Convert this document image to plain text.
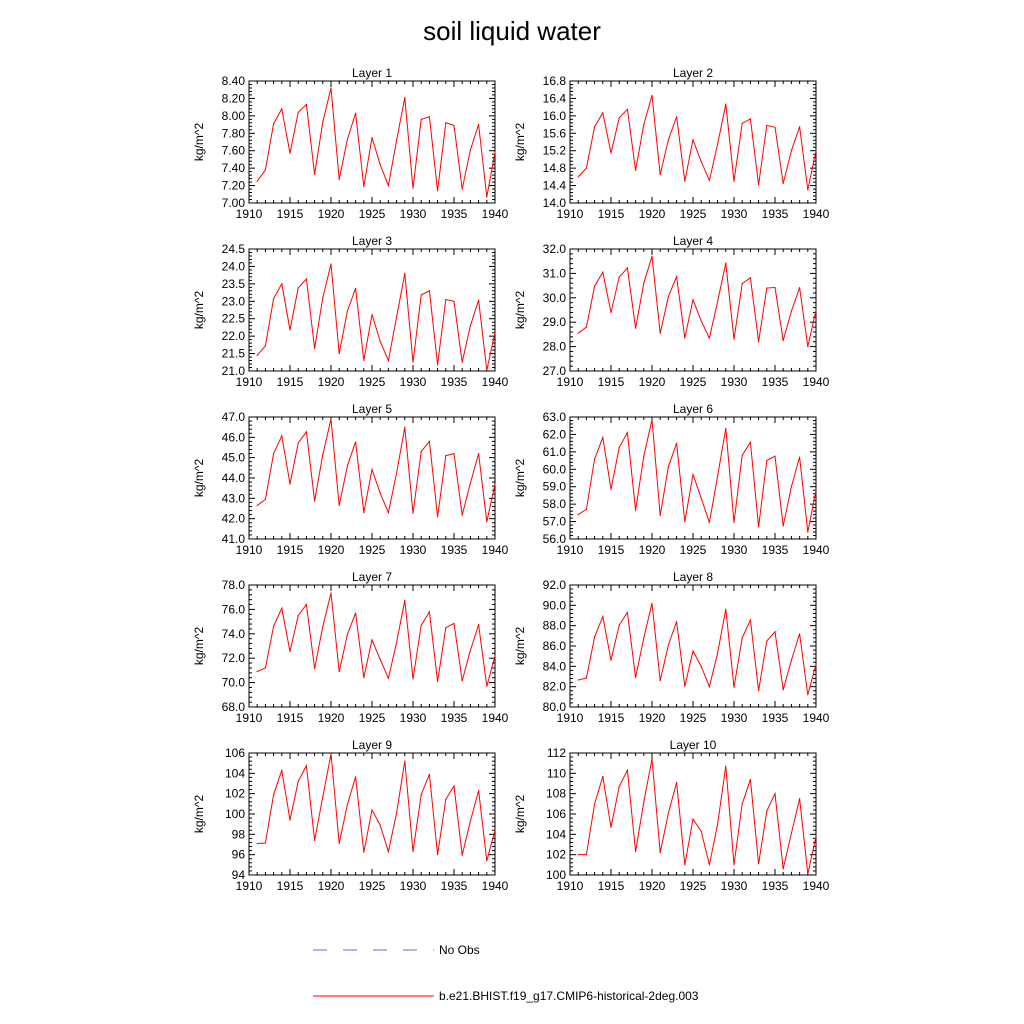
soil liquid water
Layer 1
kg/m^2
1910 1915 1920 1925 1930 1935 1940
7.00
7.20
7.40
7.60
7.80
8.00
8.20
8.40
Layer 2
kg/m^2
1910 1915 1920 1925 1930 1935 1940
14.0
14.4
14.8
15.2
15.6
16.0
16.4
16.8
Layer 3
kg/m^2
1910 1915 1920 1925 1930 1935 1940
21.0
21.5
22.0
22.5
23.0
23.5
24.0
24.5
Layer 4
kg/m^2
1910 1915 1920 1925 1930 1935 1940
27.0
28.0
29.0
30.0
31.0
32.0
Layer 5
kg/m^2
1910 1915 1920 1925 1930 1935 1940
41.0
42.0
43.0
44.0
45.0
46.0
47.0
Layer 6
kg/m^2
1910 1915 1920 1925 1930 1935 1940
56.0
57.0
58.0
59.0
60.0
61.0
62.0
63.0
Layer 7
kg/m^2
1910 1915 1920 1925 1930 1935 1940
68.0
70.0
72.0
74.0
76.0
78.0
Layer 8
kg/m^2
1910 1915 1920 1925 1930 1935 1940
80.0
82.0
84.0
86.0
88.0
90.0
92.0
Layer 9
kg/m^2
1910 1915 1920 1925 1930 1935 1940
94
96
98
100
102
104
106
Layer 10
kg/m^2
1910 1915 1920 1925 1930 1935 1940
100
102
104
106
108
110
112
No Obs
b.e21.BHIST.f19_g17.CMIP6-historical-2deg.003
